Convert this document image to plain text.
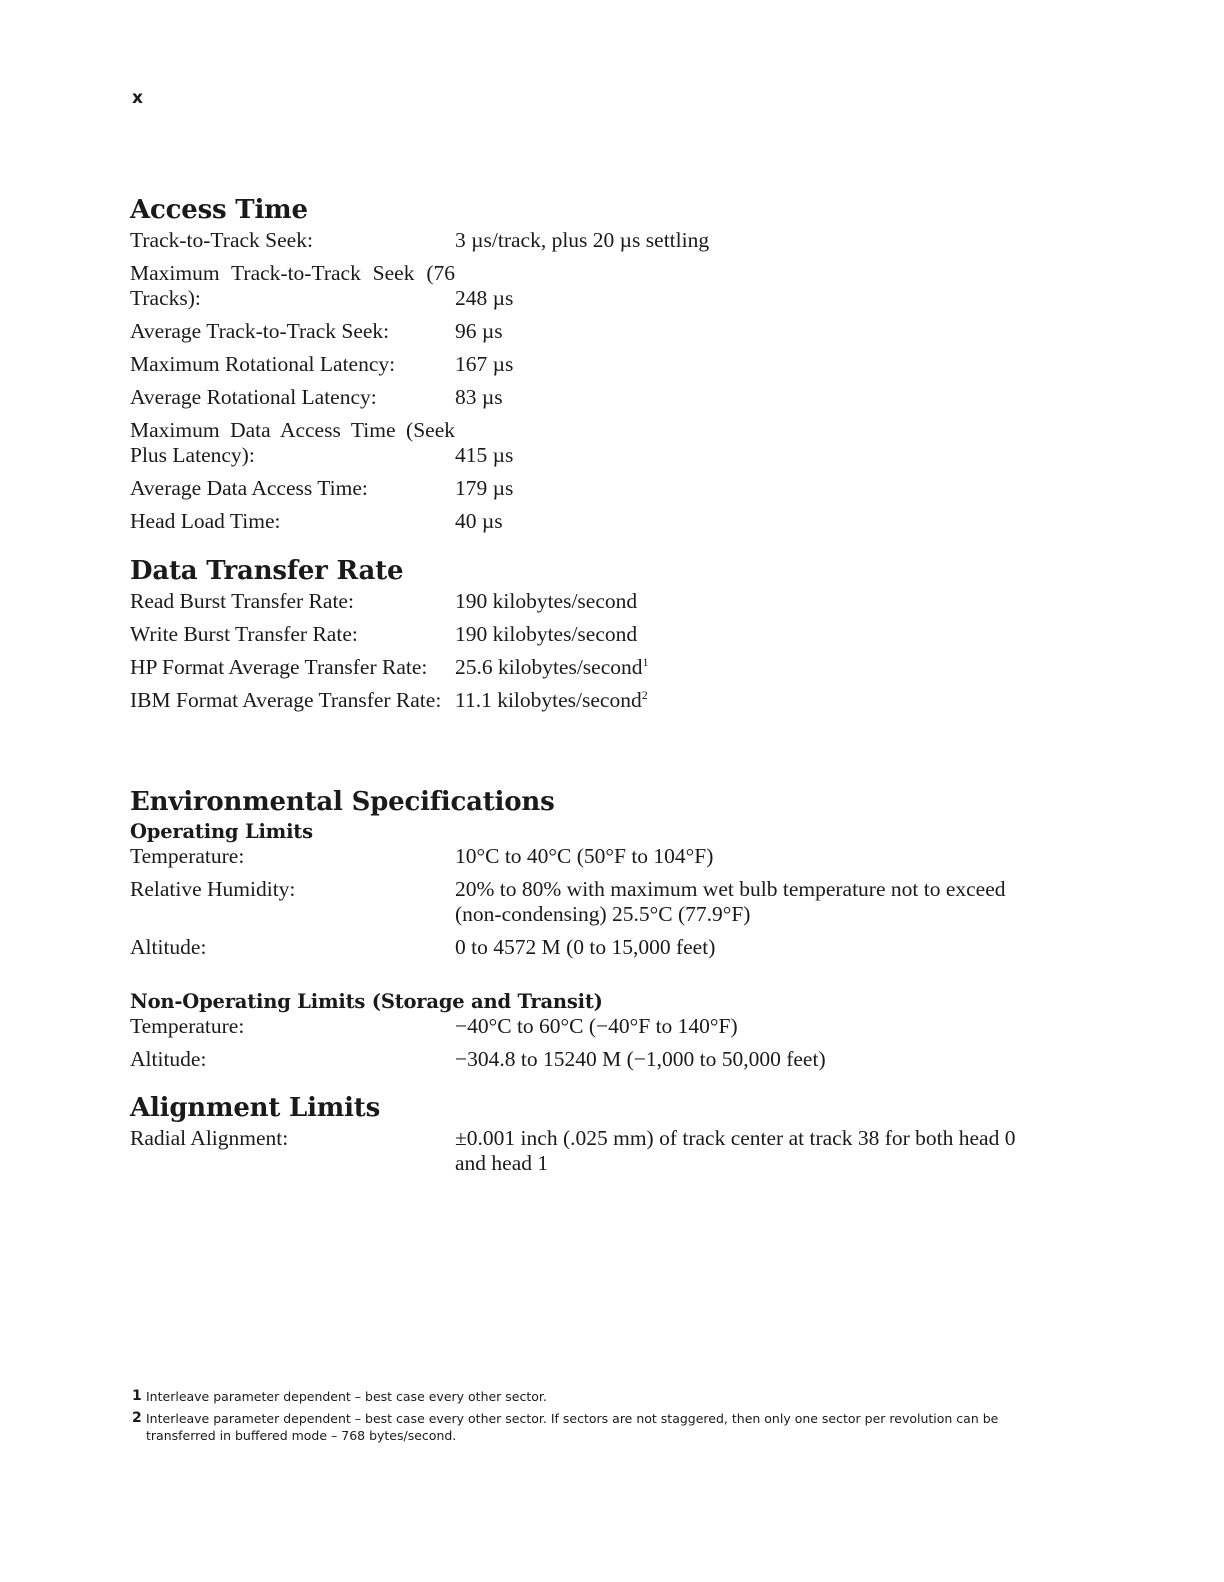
x
Access Time
Track-to-Track Seek:	3 µs/track, plus 20 µs settling
Maximum Track-to-Track Seek (76 Tracks):	248 µs
Average Track-to-Track Seek:	96 µs
Maximum Rotational Latency:	167 µs
Average Rotational Latency:	83 µs
Maximum Data Access Time (Seek Plus Latency):	415 µs
Average Data Access Time:	179 µs
Head Load Time:	40 µs
Data Transfer Rate
Read Burst Transfer Rate:	190 kilobytes/second
Write Burst Transfer Rate:	190 kilobytes/second
HP Format Average Transfer Rate:	25.6 kilobytes/second$^1$
IBM Format Average Transfer Rate: 11.1 kilobytes/second$^2$
Environmental Specifications
Operating Limits
Temperature:	10°C to 40°C (50°F to 104°F)
Relative Humidity:	20% to 80% with maximum wet bulb temperature not to exceed (non-condensing) 25.5°C (77.9°F)
Altitude:	0 to 4572 M (0 to 15,000 feet)
Non-Operating Limits (Storage and Transit)
Temperature:	−40°C to 60°C (−40°F to 140°F)
Altitude:	−304.8 to 15240 M (−1,000 to 50,000 feet)
Alignment Limits
Radial Alignment:	±0.001 inch (.025 mm) of track center at track 38 for both head 0 and head 1
1 Interleave parameter dependent – best case every other sector.
2 Interleave parameter dependent – best case every other sector. If sectors are not staggered, then only one sector per revolution can be transferred in buffered mode – 768 bytes/second.
